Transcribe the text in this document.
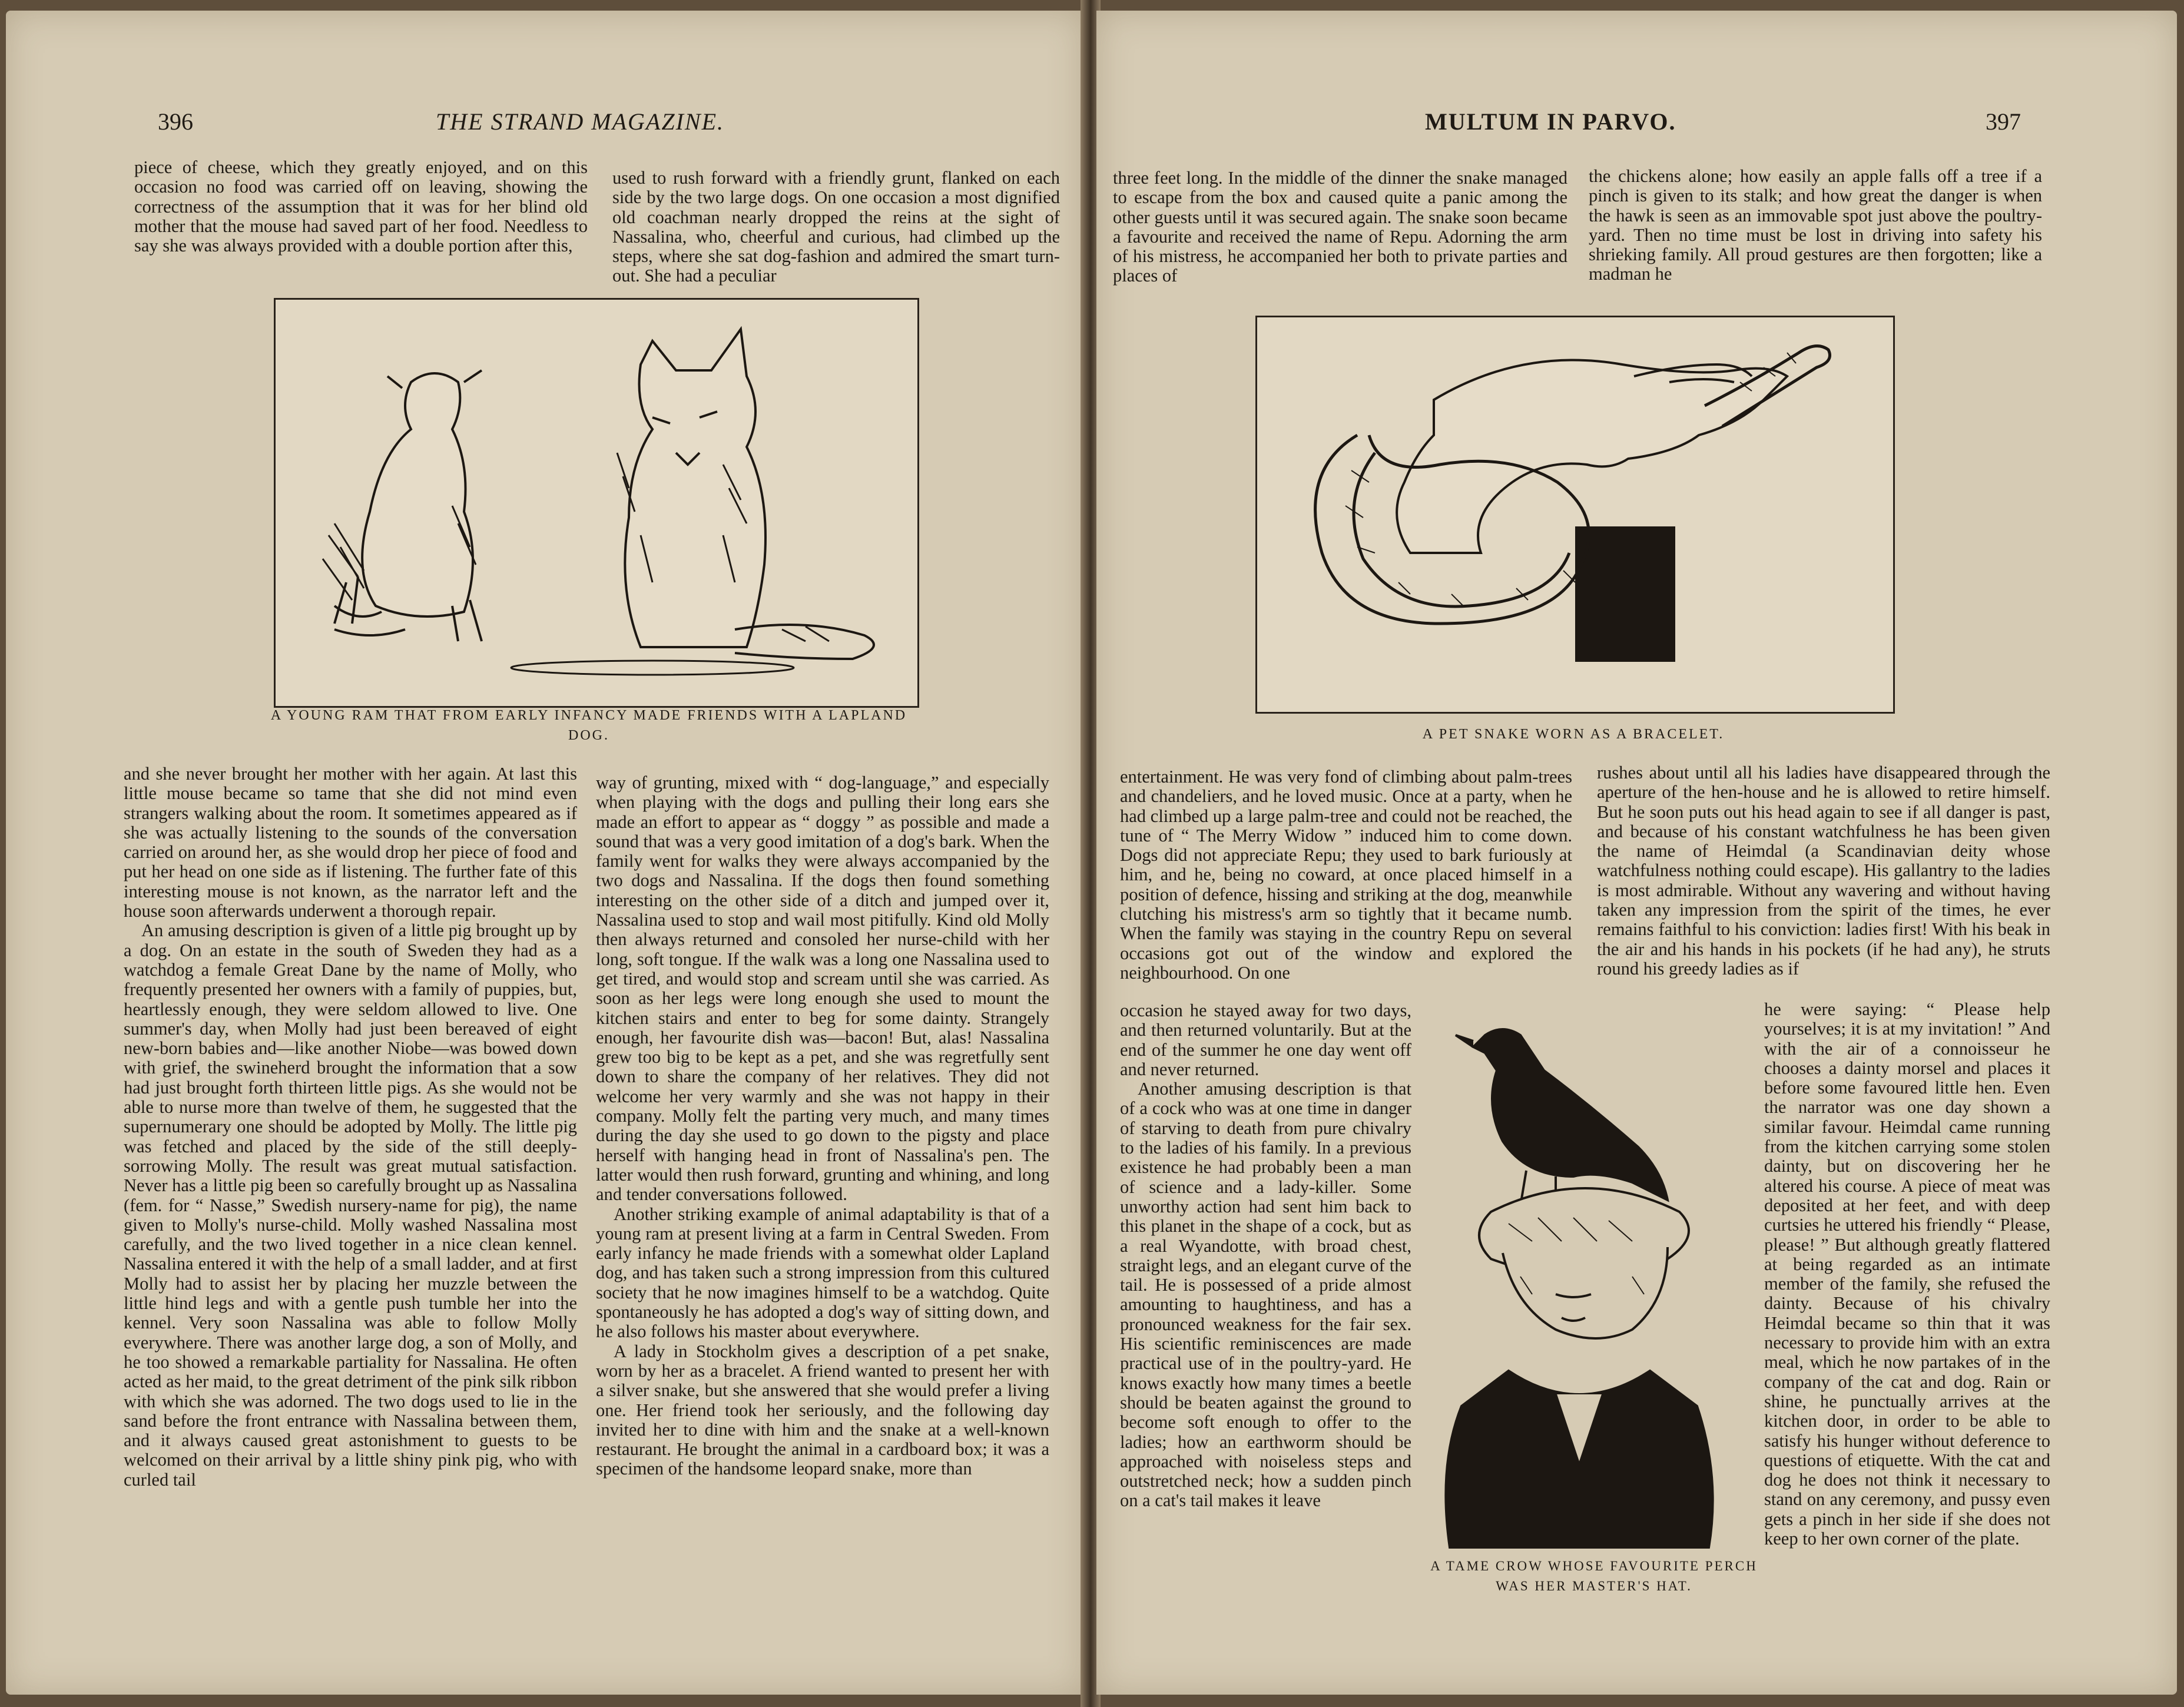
396	THE STRAND MAGAZINE.

piece of cheese, which they greatly enjoyed, and on this occasion no food was carried off on leaving, showing the correctness of the assumption that it was for her blind old mother that the mouse had saved part of her food. Needless to say she was always provided with a double portion after this,

used to rush forward with a friendly grunt, flanked on each side by the two large dogs. On one occasion a most dignified old coachman nearly dropped the reins at the sight of Nassalina, who, cheerful and curious, had climbed up the steps, where she sat dog-fashion and admired the smart turn-out. She had a peculiar

A YOUNG RAM THAT FROM EARLY INFANCY MADE FRIENDS WITH A LAPLAND DOG.

and she never brought her mother with her again. At last this little mouse became so tame that she did not mind even strangers walking about the room. It sometimes appeared as if she was actually listening to the sounds of the conversation carried on around her, as she would drop her piece of food and put her head on one side as if listening. The further fate of this interesting mouse is not known, as the narrator left and the house soon afterwards underwent a thorough repair.

An amusing description is given of a little pig brought up by a dog. On an estate in the south of Sweden they had as a watchdog a female Great Dane by the name of Molly, who frequently presented her owners with a family of puppies, but, heartlessly enough, they were seldom allowed to live. One summer's day, when Molly had just been bereaved of eight new-born babies and—like another Niobe—was bowed down with grief, the swineherd brought the information that a sow had just brought forth thirteen little pigs. As she would not be able to nurse more than twelve of them, he suggested that the supernumerary one should be adopted by Molly. The little pig was fetched and placed by the side of the still deeply-sorrowing Molly. The result was great mutual satisfaction. Never has a little pig been so carefully brought up as Nassalina (fem. for “ Nasse,” Swedish nursery-name for pig), the name given to Molly's nurse-child. Molly washed Nassalina most carefully, and the two lived together in a nice clean kennel. Nassalina entered it with the help of a small ladder, and at first Molly had to assist her by placing her muzzle between the little hind legs and with a gentle push tumble her into the kennel. Very soon Nassalina was able to follow Molly everywhere. There was another large dog, a son of Molly, and he too showed a remarkable partiality for Nassalina. He often acted as her maid, to the great detriment of the pink silk ribbon with which she was adorned. The two dogs used to lie in the sand before the front entrance with Nassalina between them, and it always caused great astonishment to guests to be welcomed on their arrival by a little shiny pink pig, who with curled tail

way of grunting, mixed with “ dog-language,” and especially when playing with the dogs and pulling their long ears she made an effort to appear as “ doggy ” as possible and made a sound that was a very good imitation of a dog's bark. When the family went for walks they were always accompanied by the two dogs and Nassalina. If the dogs then found something interesting on the other side of a ditch and jumped over it, Nassalina used to stop and wail most pitifully. Kind old Molly then always returned and consoled her nurse-child with her long, soft tongue. If the walk was a long one Nassalina used to get tired, and would stop and scream until she was carried. As soon as her legs were long enough she used to mount the kitchen stairs and enter to beg for some dainty. Strangely enough, her favourite dish was—bacon! But, alas! Nassalina grew too big to be kept as a pet, and she was regretfully sent down to share the company of her relatives. They did not welcome her very warmly and she was not happy in their company. Molly felt the parting very much, and many times during the day she used to go down to the pigsty and place herself with hanging head in front of Nassalina's pen. The latter would then rush forward, grunting and whining, and long and tender conversations followed.

Another striking example of animal adaptability is that of a young ram at present living at a farm in Central Sweden. From early infancy he made friends with a somewhat older Lapland dog, and has taken such a strong impression from this cultured society that he now imagines himself to be a watchdog. Quite spontaneously he has adopted a dog's way of sitting down, and he also follows his master about everywhere.

A lady in Stockholm gives a description of a pet snake, worn by her as a bracelet. A friend wanted to present her with a silver snake, but she answered that she would prefer a living one. Her friend took her seriously, and the following day invited her to dine with him and the snake at a well-known restaurant. He brought the animal in a cardboard box; it was a specimen of the handsome leopard snake, more than

MULTUM IN PARVO.	397

three feet long. In the middle of the dinner the snake managed to escape from the box and caused quite a panic among the other guests until it was secured again. The snake soon became a favourite and received the name of Repu. Adorning the arm of his mistress, he accompanied her both to private parties and places of

the chickens alone; how easily an apple falls off a tree if a pinch is given to its stalk; and how great the danger is when the hawk is seen as an immovable spot just above the poultry-yard. Then no time must be lost in driving into safety his shrieking family. All proud gestures are then forgotten; like a madman he

A PET SNAKE WORN AS A BRACELET.

entertainment. He was very fond of climbing about palm-trees and chandeliers, and he loved music. Once at a party, when he had climbed up a large palm-tree and could not be reached, the tune of “ The Merry Widow ” induced him to come down. Dogs did not appreciate Repu; they used to bark furiously at him, and he, being no coward, at once placed himself in a position of defence, hissing and striking at the dog, meanwhile clutching his mistress's arm so tightly that it became numb. When the family was staying in the country Repu on several occasions got out of the window and explored the neighbourhood. On one

occasion he stayed away for two days, and then returned voluntarily. But at the end of the summer he one day went off and never returned.

Another amusing description is that of a cock who was at one time in danger of starving to death from pure chivalry to the ladies of his family. In a previous existence he had probably been a man of science and a lady-killer. Some unworthy action had sent him back to this planet in the shape of a cock, but as a real Wyandotte, with broad chest, straight legs, and an elegant curve of the tail. He is possessed of a pride almost amounting to haughtiness, and has a pronounced weakness for the fair sex. His scientific reminiscences are made practical use of in the poultry-yard. He knows exactly how many times a beetle should be beaten against the ground to become soft enough to offer to the ladies; how an earthworm should be approached with noiseless steps and outstretched neck; how a sudden pinch on a cat's tail makes it leave

rushes about until all his ladies have disappeared through the aperture of the hen-house and he is allowed to retire himself. But he soon puts out his head again to see if all danger is past, and because of his constant watchfulness he has been given the name of Heimdal (a Scandinavian deity whose watchfulness nothing could escape). His gallantry to the ladies is most admirable. Without any wavering and without having taken any impression from the spirit of the times, he ever remains faithful to his conviction: ladies first! With his beak in the air and his hands in his pockets (if he had any), he struts round his greedy ladies as if

he were saying: “ Please help yourselves; it is at my invitation! ” And with the air of a connoisseur he chooses a dainty morsel and places it before some favoured little hen. Even the narrator was one day shown a similar favour. Heimdal came running from the kitchen carrying some stolen dainty, but on discovering her he altered his course. A piece of meat was deposited at her feet, and with deep curtsies he uttered his friendly “ Please, please! ” But although greatly flattered at being regarded as an intimate member of the family, she refused the dainty. Because of his chivalry Heimdal became so thin that it was necessary to provide him with an extra meal, which he now partakes of in the company of the cat and dog. Rain or shine, he punctually arrives at the kitchen door, in order to be able to satisfy his hunger without deference to questions of etiquette. With the cat and dog he does not think it necessary to stand on any ceremony, and pussy even gets a pinch in her side if she does not keep to her own corner of the plate.

A TAME CROW WHOSE FAVOURITE PERCH WAS HER MASTER'S HAT.
